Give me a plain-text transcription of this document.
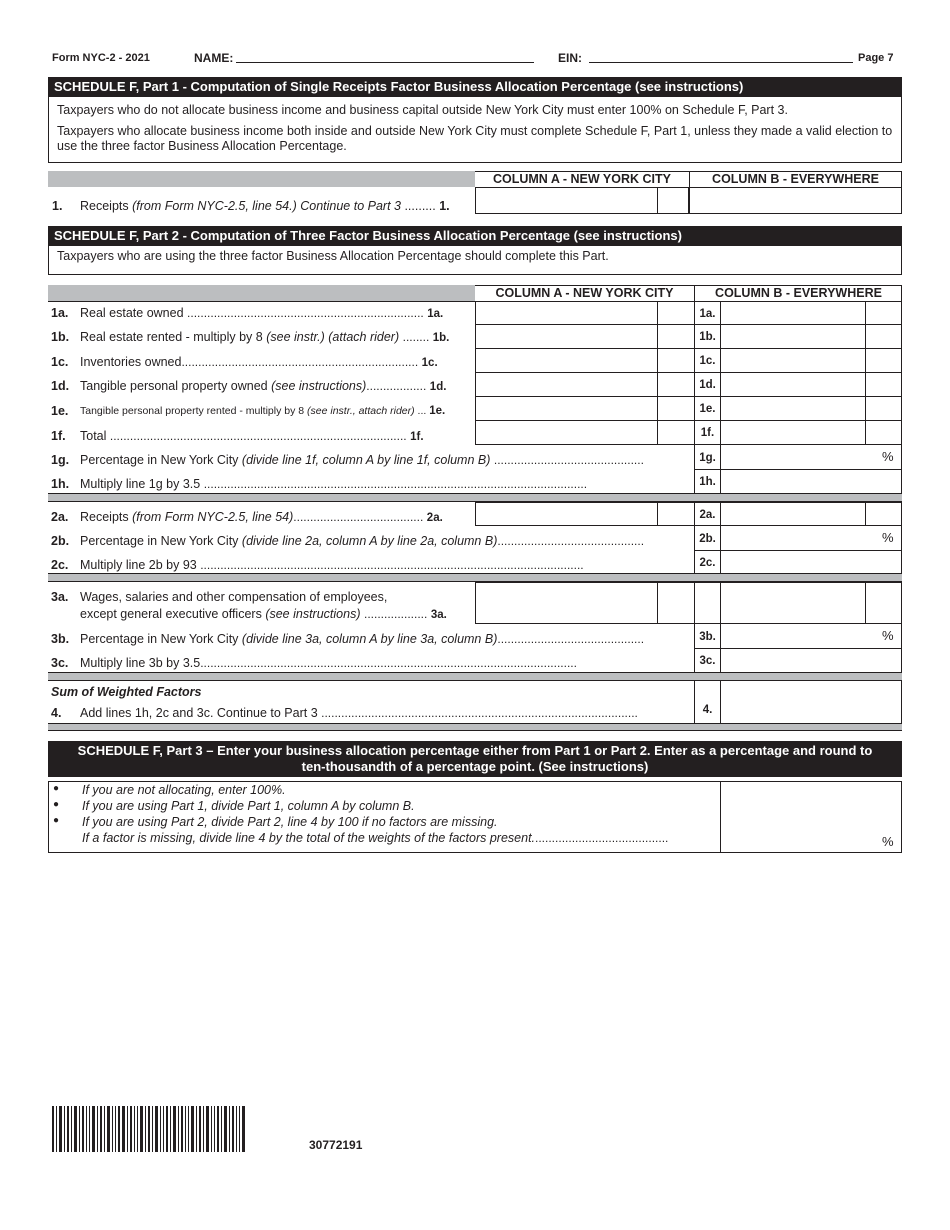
Form NYC-2 - 2021	NAME:	EIN:	Page 7
SCHEDULE F, Part 1 - Computation of Single Receipts Factor Business Allocation Percentage (see instructions)
Taxpayers who do not allocate business income and business capital outside New York City must enter 100% on Schedule F, Part 3.
Taxpayers who allocate business income both inside and outside New York City must complete Schedule F, Part 1, unless they made a valid election to use the three factor Business Allocation Percentage.
COLUMN A - NEW YORK CITY	COLUMN B - EVERYWHERE
1. Receipts (from Form NYC-2.5, line 54.) Continue to Part 3 ......... 1.
SCHEDULE F, Part 2 - Computation of Three Factor Business Allocation Percentage (see instructions)
Taxpayers who are using the three factor Business Allocation Percentage should complete this Part.
COLUMN A - NEW YORK CITY	COLUMN B - EVERYWHERE
1a. Real estate owned ....................................................................... 1a.	1a.
1b. Real estate rented - multiply by 8 (see instr.) (attach rider) ........ 1b.	1b.
1c. Inventories owned....................................................................... 1c.	1c.
1d. Tangible personal property owned (see instructions).................. 1d.	1d.
1e. Tangible personal property rented - multiply by 8 (see instr., attach rider) ... 1e.	1e.
1f. Total ......................................................................................... 1f.	1f.
1g. Percentage in New York City (divide line 1f, column A by line 1f, column B) .............................................	1g.	%
1h. Multiply line 1g by 3.5 ...................................................................................................................	1h.
2a. Receipts (from Form NYC-2.5, line 54)....................................... 2a.	2a.
2b. Percentage in New York City (divide line 2a, column A by line 2a, column B)............................................	2b.	%
2c. Multiply line 2b by 93 ...................................................................................................................	2c.
3a. Wages, salaries and other compensation of employees,
except general executive officers (see instructions) ................... 3a.
3b. Percentage in New York City (divide line 3a, column A by line 3a, column B)............................................	3b.	%
3c. Multiply line 3b by 3.5.................................................................................................................	3c.
Sum of Weighted Factors
4. Add lines 1h, 2c and 3c. Continue to Part 3 ...............................................................................................	4.
SCHEDULE F, Part 3 – Enter your business allocation percentage either from Part 1 or Part 2. Enter as a percentage and round to
ten-thousandth of a percentage point. (See instructions)
● If you are not allocating, enter 100%.
● If you are using Part 1, divide Part 1, column A by column B.
● If you are using Part 2, divide Part 2, line 4 by 100 if no factors are missing.
If a factor is missing, divide line 4 by the total of the weights of the factors present.........................................	%
30772191
